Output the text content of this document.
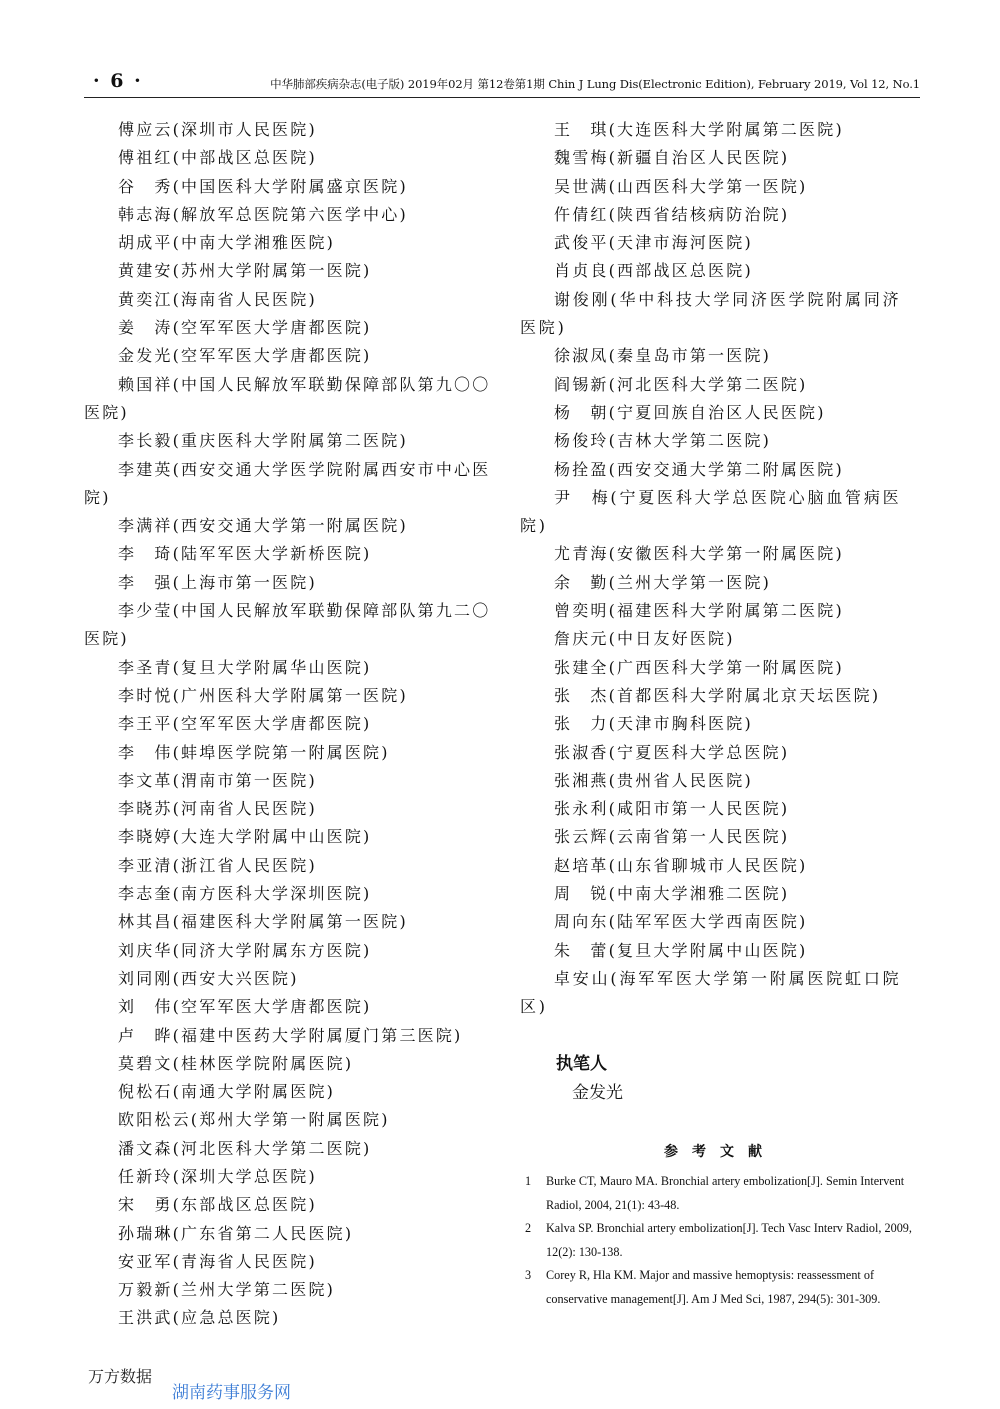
· 6 ·	中华肺部疾病杂志(电子版) 2019年02月 第12卷第1期 Chin J Lung Dis(Electronic Edition), February 2019, Vol 12, No.1

傅应云(深圳市人民医院)

傅祖红(中部战区总医院)

谷　秀(中国医科大学附属盛京医院)

韩志海(解放军总医院第六医学中心)

胡成平(中南大学湘雅医院)

黄建安(苏州大学附属第一医院)

黄奕江(海南省人民医院)

姜　涛(空军军医大学唐都医院)

金发光(空军军医大学唐都医院)

赖国祥(中国人民解放军联勤保障部队第九〇〇医院)

李长毅(重庆医科大学附属第二医院)

李建英(西安交通大学医学院附属西安市中心医院)

李满祥(西安交通大学第一附属医院)

李　琦(陆军军医大学新桥医院)

李　强(上海市第一医院)

李少莹(中国人民解放军联勤保障部队第九二〇医院)

李圣青(复旦大学附属华山医院)

李时悦(广州医科大学附属第一医院)

李王平(空军军医大学唐都医院)

李　伟(蚌埠医学院第一附属医院)

李文革(渭南市第一医院)

李晓苏(河南省人民医院)

李晓婷(大连大学附属中山医院)

李亚清(浙江省人民医院)

李志奎(南方医科大学深圳医院)

林其昌(福建医科大学附属第一医院)

刘庆华(同济大学附属东方医院)

刘同刚(西安大兴医院)

刘　伟(空军军医大学唐都医院)

卢　晔(福建中医药大学附属厦门第三医院)

莫碧文(桂林医学院附属医院)

倪松石(南通大学附属医院)

欧阳松云(郑州大学第一附属医院)

潘文森(河北医科大学第二医院)

任新玲(深圳大学总医院)

宋　勇(东部战区总医院)

孙瑞琳(广东省第二人民医院)

安亚军(青海省人民医院)

万毅新(兰州大学第二医院)

王洪武(应急总医院)

王　琪(大连医科大学附属第二医院)

魏雪梅(新疆自治区人民医院)

吴世满(山西医科大学第一医院)

仵倩红(陕西省结核病防治院)

武俊平(天津市海河医院)

肖贞良(西部战区总医院)

谢俊刚(华中科技大学同济医学院附属同济医院)

徐淑凤(秦皇岛市第一医院)

阎锡新(河北医科大学第二医院)

杨　朝(宁夏回族自治区人民医院)

杨俊玲(吉林大学第二医院)

杨拴盈(西安交通大学第二附属医院)

尹　梅(宁夏医科大学总医院心脑血管病医院)

尤青海(安徽医科大学第一附属医院)

余　勤(兰州大学第一医院)

曾奕明(福建医科大学附属第二医院)

詹庆元(中日友好医院)

张建全(广西医科大学第一附属医院)

张　杰(首都医科大学附属北京天坛医院)

张　力(天津市胸科医院)

张淑香(宁夏医科大学总医院)

张湘燕(贵州省人民医院)

张永利(咸阳市第一人民医院)

张云辉(云南省第一人民医院)

赵培革(山东省聊城市人民医院)

周　锐(中南大学湘雅二医院)

周向东(陆军军医大学西南医院)

朱　蕾(复旦大学附属中山医院)

卓安山(海军军医大学第一附属医院虹口院区)

执笔人
金发光
参考文献
1 Burke CT, Mauro MA. Bronchial artery embolization[J]. Semin Intervent Radiol, 2004, 21(1): 43-48.
2 Kalva SP. Bronchial artery embolization[J]. Tech Vasc Interv Radiol, 2009, 12(2): 130-138.
3 Corey R, Hla KM. Major and massive hemoptysis: reassessment of conservative management[J]. Am J Med Sci, 1987, 294(5): 301-309.
万方数据
湖南药事服务网
